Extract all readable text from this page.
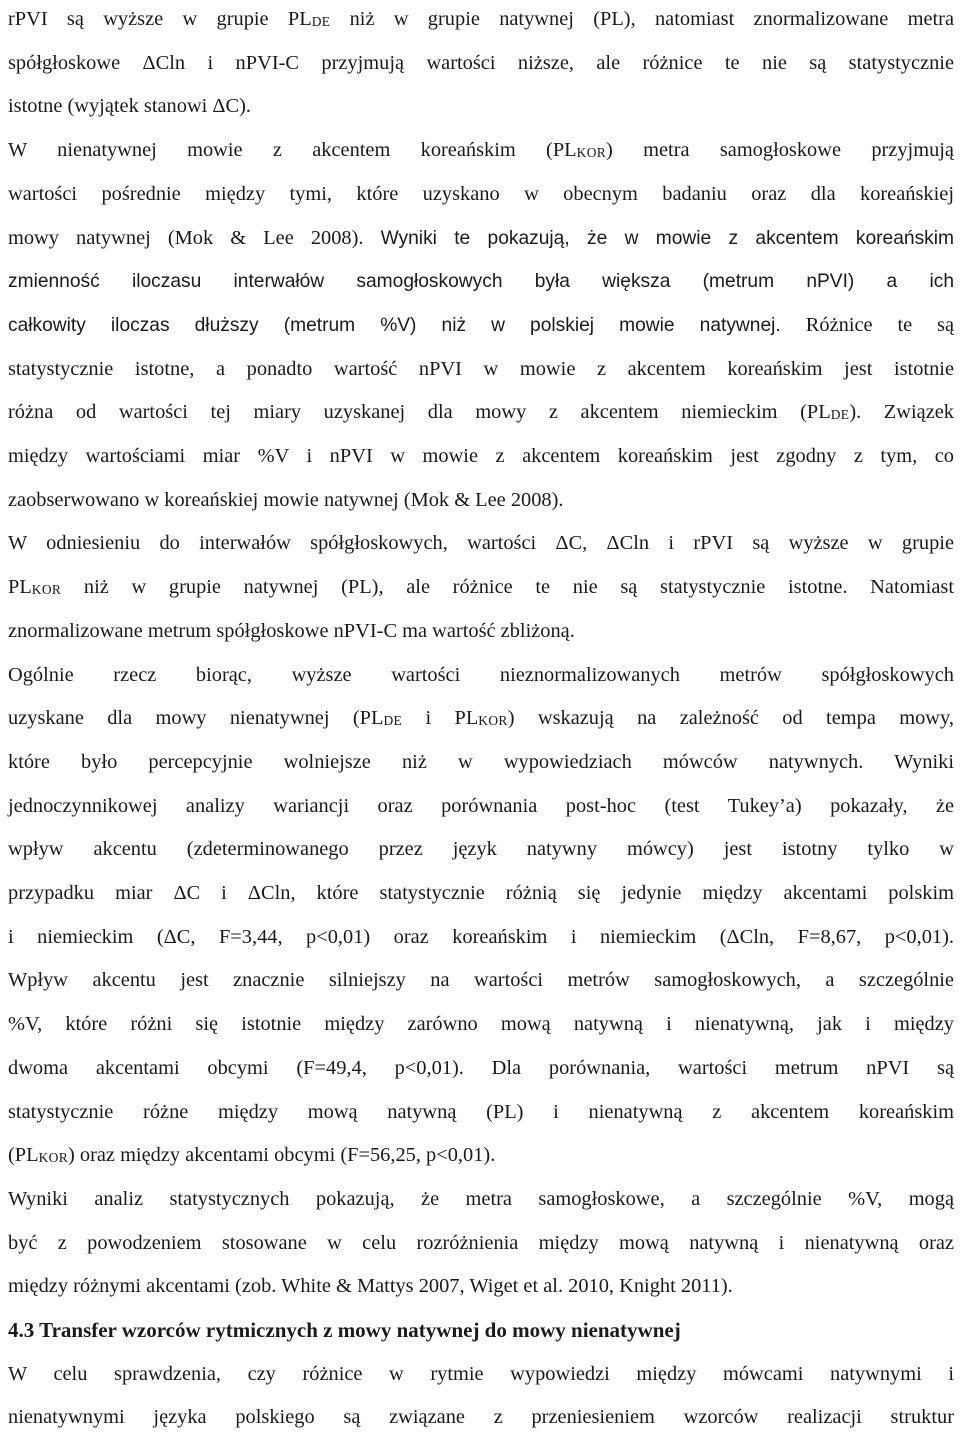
rPVI są wyższe w grupie PLDE niż w grupie natywnej (PL), natomiast znormalizowane metra
spółgłoskowe ΔCln i nPVI-C przyjmują wartości niższe, ale różnice te nie są statystycznie
istotne (wyjątek stanowi ΔC).
W nienatywnej mowie z akcentem koreańskim (PLKOR) metra samogłoskowe przyjmują
wartości pośrednie między tymi, które uzyskano w obecnym badaniu oraz dla koreańskiej
mowy natywnej (Mok & Lee 2008). Wyniki te pokazują, że w mowie z akcentem koreańskim
zmienność iloczasu interwałów samogłoskowych była większa (metrum nPVI) a ich
całkowity iloczas dłuższy (metrum %V) niż w polskiej mowie natywnej. Różnice te są
statystycznie istotne, a ponadto wartość nPVI w mowie z akcentem koreańskim jest istotnie
różna od wartości tej miary uzyskanej dla mowy z akcentem niemieckim (PLDE). Związek
między wartościami miar %V i nPVI w mowie z akcentem koreańskim jest zgodny z tym, co
zaobserwowano w koreańskiej mowie natywnej (Mok & Lee 2008).
W odniesieniu do interwałów spółgłoskowych, wartości ΔC, ΔCln i rPVI są wyższe w grupie
PLKOR niż w grupie natywnej (PL), ale różnice te nie są statystycznie istotne. Natomiast
znormalizowane metrum spółgłoskowe nPVI-C ma wartość zbliżoną.
Ogólnie rzecz biorąc, wyższe wartości nieznormalizowanych metrów spółgłoskowych
uzyskane dla mowy nienatywnej (PLDE i PLKOR) wskazują na zależność od tempa mowy,
które było percepcyjnie wolniejsze niż w wypowiedziach mówców natywnych. Wyniki
jednoczynnikowej analizy wariancji oraz porównania post-hoc (test Tukey’a) pokazały, że
wpływ akcentu (zdeterminowanego przez język natywny mówcy) jest istotny tylko w
przypadku miar ΔC i ΔCln, które statystycznie różnią się jedynie między akcentami polskim
i niemieckim (ΔC, F=3,44, p<0,01) oraz koreańskim i niemieckim (ΔCln, F=8,67, p<0,01).
Wpływ akcentu jest znacznie silniejszy na wartości metrów samogłoskowych, a szczególnie
%V, które różni się istotnie między zarówno mową natywną i nienatywną, jak i między
dwoma akcentami obcymi (F=49,4, p<0,01). Dla porównania, wartości metrum nPVI są
statystycznie różne między mową natywną (PL) i nienatywną z akcentem koreańskim
(PLKOR) oraz między akcentami obcymi (F=56,25, p<0,01).
Wyniki analiz statystycznych pokazują, że metra samogłoskowe, a szczególnie %V, mogą
być z powodzeniem stosowane w celu rozróżnienia między mową natywną i nienatywną oraz
między różnymi akcentami (zob. White & Mattys 2007, Wiget et al. 2010, Knight 2011).
4.3 Transfer wzorców rytmicznych z mowy natywnej do mowy nienatywnej
W celu sprawdzenia, czy różnice w rytmie wypowiedzi między mówcami natywnymi i
nienatywnymi języka polskiego są związane z przeniesieniem wzorców realizacji struktur
